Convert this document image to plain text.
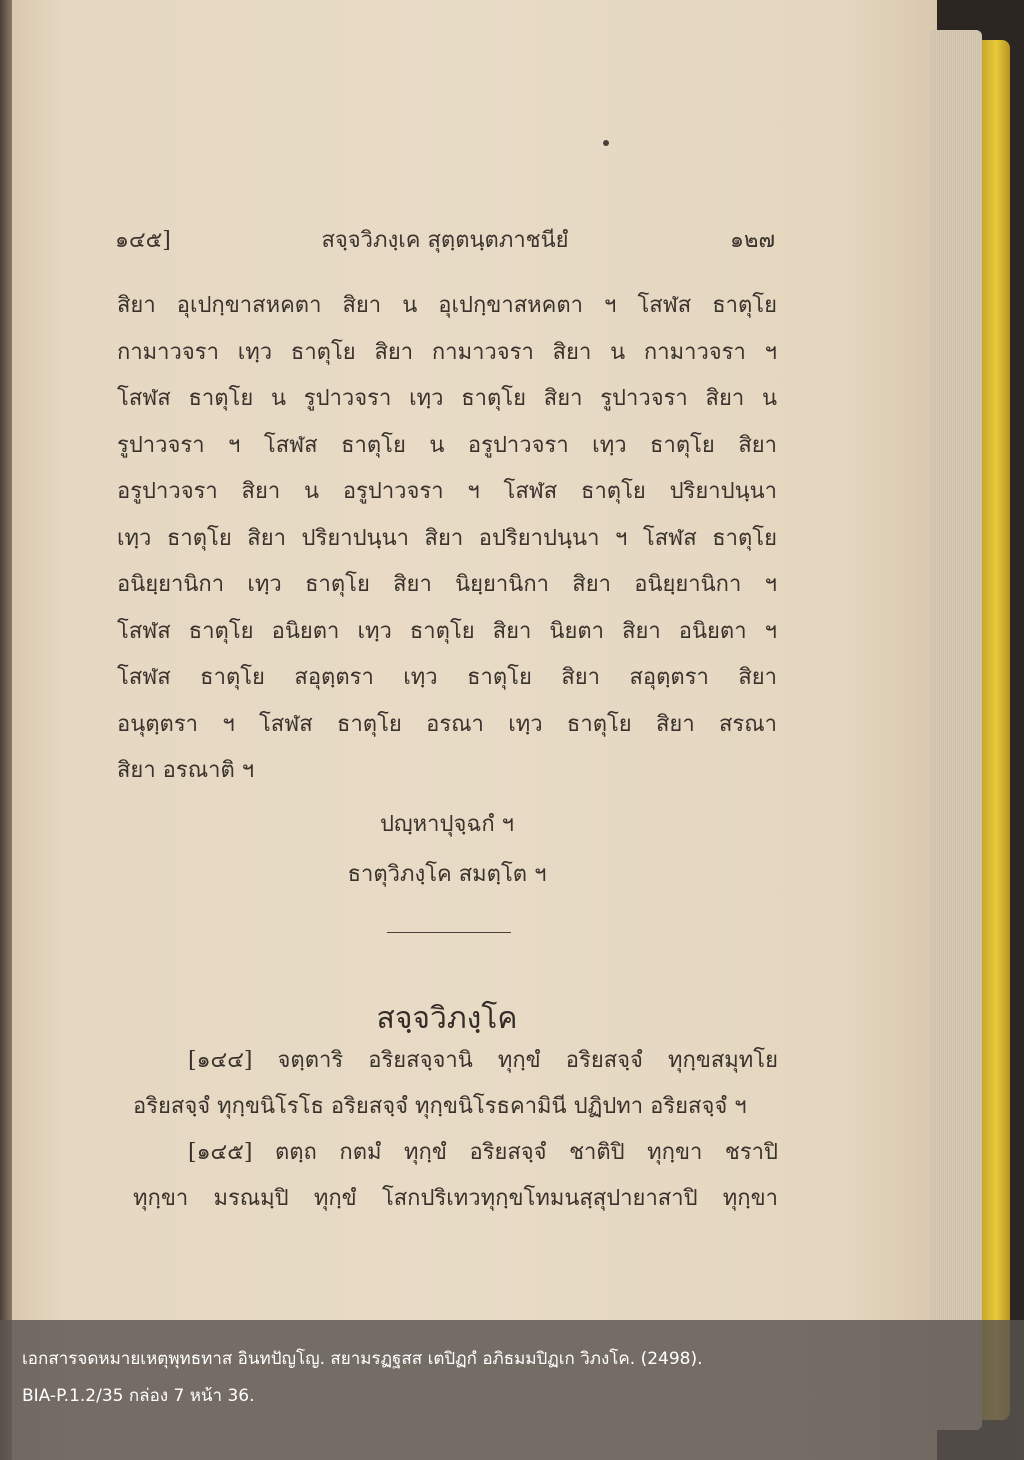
๑๔๕]	สจฺจวิภงฺเค สุตฺตนฺตภาชนียํ	๑๒๗
สิยา อุเปกฺขาสหคตา สิยา น อุเปกฺขาสหคตา ฯ โสฬส ธาตุโย
กามาวจรา เทฺว ธาตุโย สิยา กามาวจรา สิยา น กามาวจรา ฯ
โสฬส ธาตุโย น รูปาวจรา เทฺว ธาตุโย สิยา รูปาวจรา สิยา น
รูปาวจรา ฯ โสฬส ธาตุโย น อรูปาวจรา เทฺว ธาตุโย สิยา
อรูปาวจรา สิยา น อรูปาวจรา ฯ โสฬส ธาตุโย ปริยาปนฺนา
เทฺว ธาตุโย สิยา ปริยาปนฺนา สิยา อปริยาปนฺนา ฯ โสฬส ธาตุโย
อนิยฺยานิกา เทฺว ธาตุโย สิยา นิยฺยานิกา สิยา อนิยฺยานิกา ฯ
โสฬส ธาตุโย อนิยตา เทฺว ธาตุโย สิยา นิยตา สิยา อนิยตา ฯ
โสฬส ธาตุโย สอุตฺตรา เทฺว ธาตุโย สิยา สอุตฺตรา สิยา
อนุตฺตรา ฯ โสฬส ธาตุโย อรณา เทฺว ธาตุโย สิยา สรณา
สิยา อรณาติ ฯ
ปญฺหาปุจฺฉกํ ฯ
ธาตุวิภงฺโค สมตฺโต ฯ
สจฺจวิภงฺโค
[๑๔๔] จตฺตาริ อริยสจฺจานิ ทุกฺขํ อริยสจฺจํ ทุกฺขสมุทโย
อริยสจฺจํ ทุกฺขนิโรโธ อริยสจฺจํ ทุกฺขนิโรธคามินี ปฏิปทา อริยสจฺจํ ฯ
[๑๔๕] ตตฺถ กตมํ ทุกฺขํ อริยสจฺจํ ชาติปิ ทุกฺขา ชราปิ
ทุกฺขา มรณมฺปิ ทุกฺขํ โสกปริเทวทุกฺขโทมนสฺสุปายาสาปิ ทุกฺขา
เอกสารจดหมายเหตุพุทธทาส อินทปัญโญ. สยามรฏฐสส เตปิฏกํ อภิธมมปิฏเก วิภงโค. (2498).
BIA-P.1.2/35 กล่อง 7 หน้า 36.
